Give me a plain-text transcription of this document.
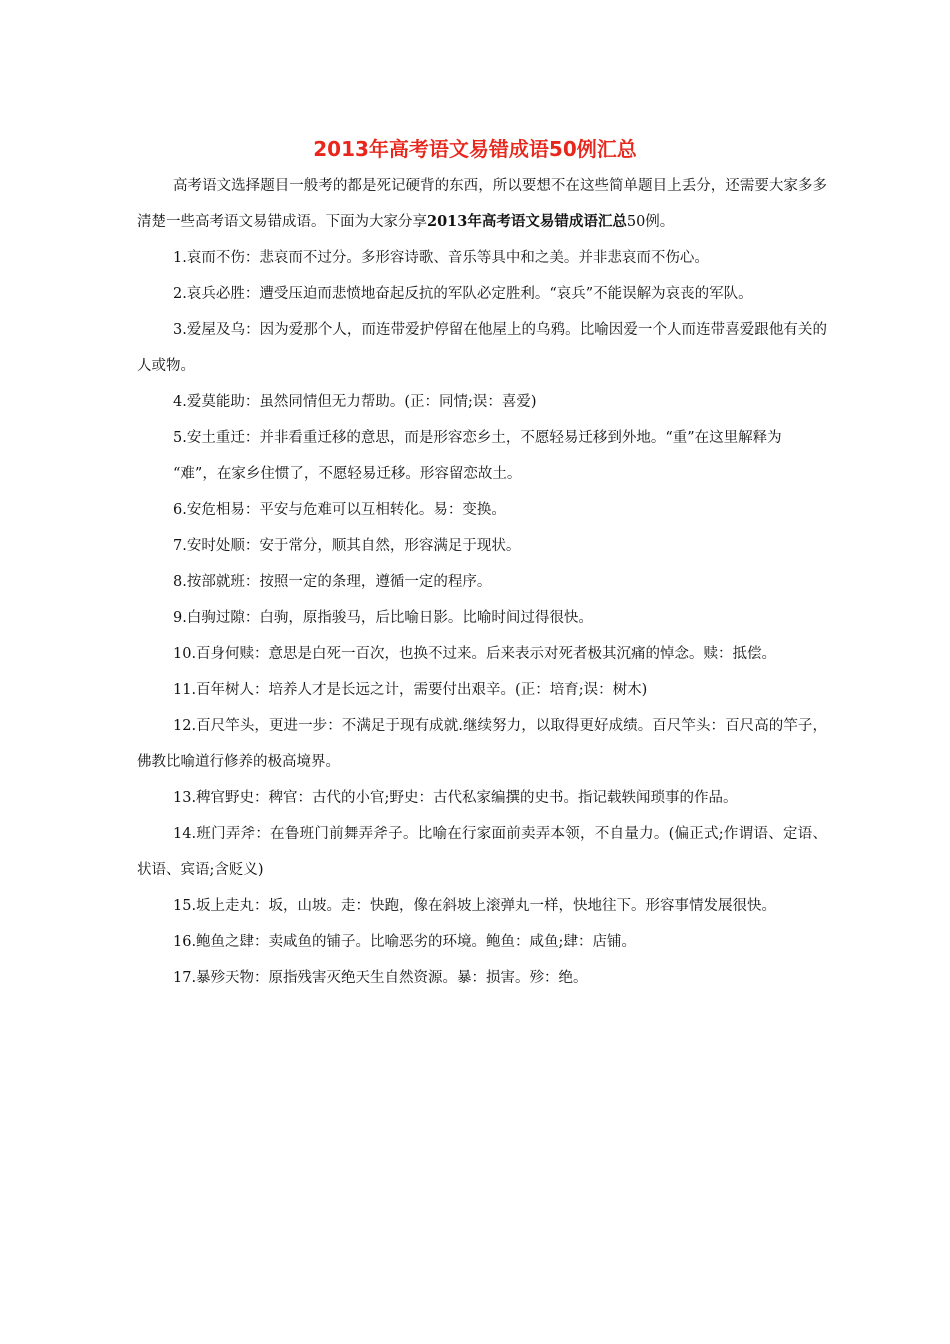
2013年高考语文易错成语50例汇总

高考语文选择题目一般考的都是死记硬背的东西，所以要想不在这些简单题目上丢分，还需要大家多多清楚一些高考语文易错成语。下面为大家分享2013年高考语文易错成语汇总50例。

1.哀而不伤：悲哀而不过分。多形容诗歌、音乐等具中和之美。并非悲哀而不伤心。

2.哀兵必胜：遭受压迫而悲愤地奋起反抗的军队必定胜利。“哀兵”不能误解为哀丧的军队。

3.爱屋及乌：因为爱那个人，而连带爱护停留在他屋上的乌鸦。比喻因爱一个人而连带喜爱跟他有关的人或物。

4.爱莫能助：虽然同情但无力帮助。(正：同情;误：喜爱)

5.安土重迁：并非看重迁移的意思，而是形容恋乡土，不愿轻易迁移到外地。“重”在这里解释为

“难”，在家乡住惯了，不愿轻易迁移。形容留恋故土。

6.安危相易：平安与危难可以互相转化。易：变换。

7.安时处顺：安于常分，顺其自然，形容满足于现状。

8.按部就班：按照一定的条理，遵循一定的程序。

9.白驹过隙：白驹，原指骏马，后比喻日影。比喻时间过得很快。

10.百身何赎：意思是白死一百次，也换不过来。后来表示对死者极其沉痛的悼念。赎：抵偿。

11.百年树人：培养人才是长远之计，需要付出艰辛。(正：培育;误：树木)

12.百尺竿头，更进一步：不满足于现有成就.继续努力，以取得更好成绩。百尺竿头：百尺高的竿子，佛教比喻道行修养的极高境界。

13.稗官野史：稗官：古代的小官;野史：古代私家编撰的史书。指记载轶闻琐事的作品。

14.班门弄斧：在鲁班门前舞弄斧子。比喻在行家面前卖弄本领，不自量力。(偏正式;作谓语、定语、状语、宾语;含贬义)

15.坂上走丸：坂，山坡。走：快跑，像在斜坡上滚弹丸一样，快地往下。形容事情发展很快。

16.鲍鱼之肆：卖咸鱼的铺子。比喻恶劣的环境。鲍鱼：咸鱼;肆：店铺。

17.暴殄天物：原指残害灭绝天生自然资源。暴：损害。殄：绝。
